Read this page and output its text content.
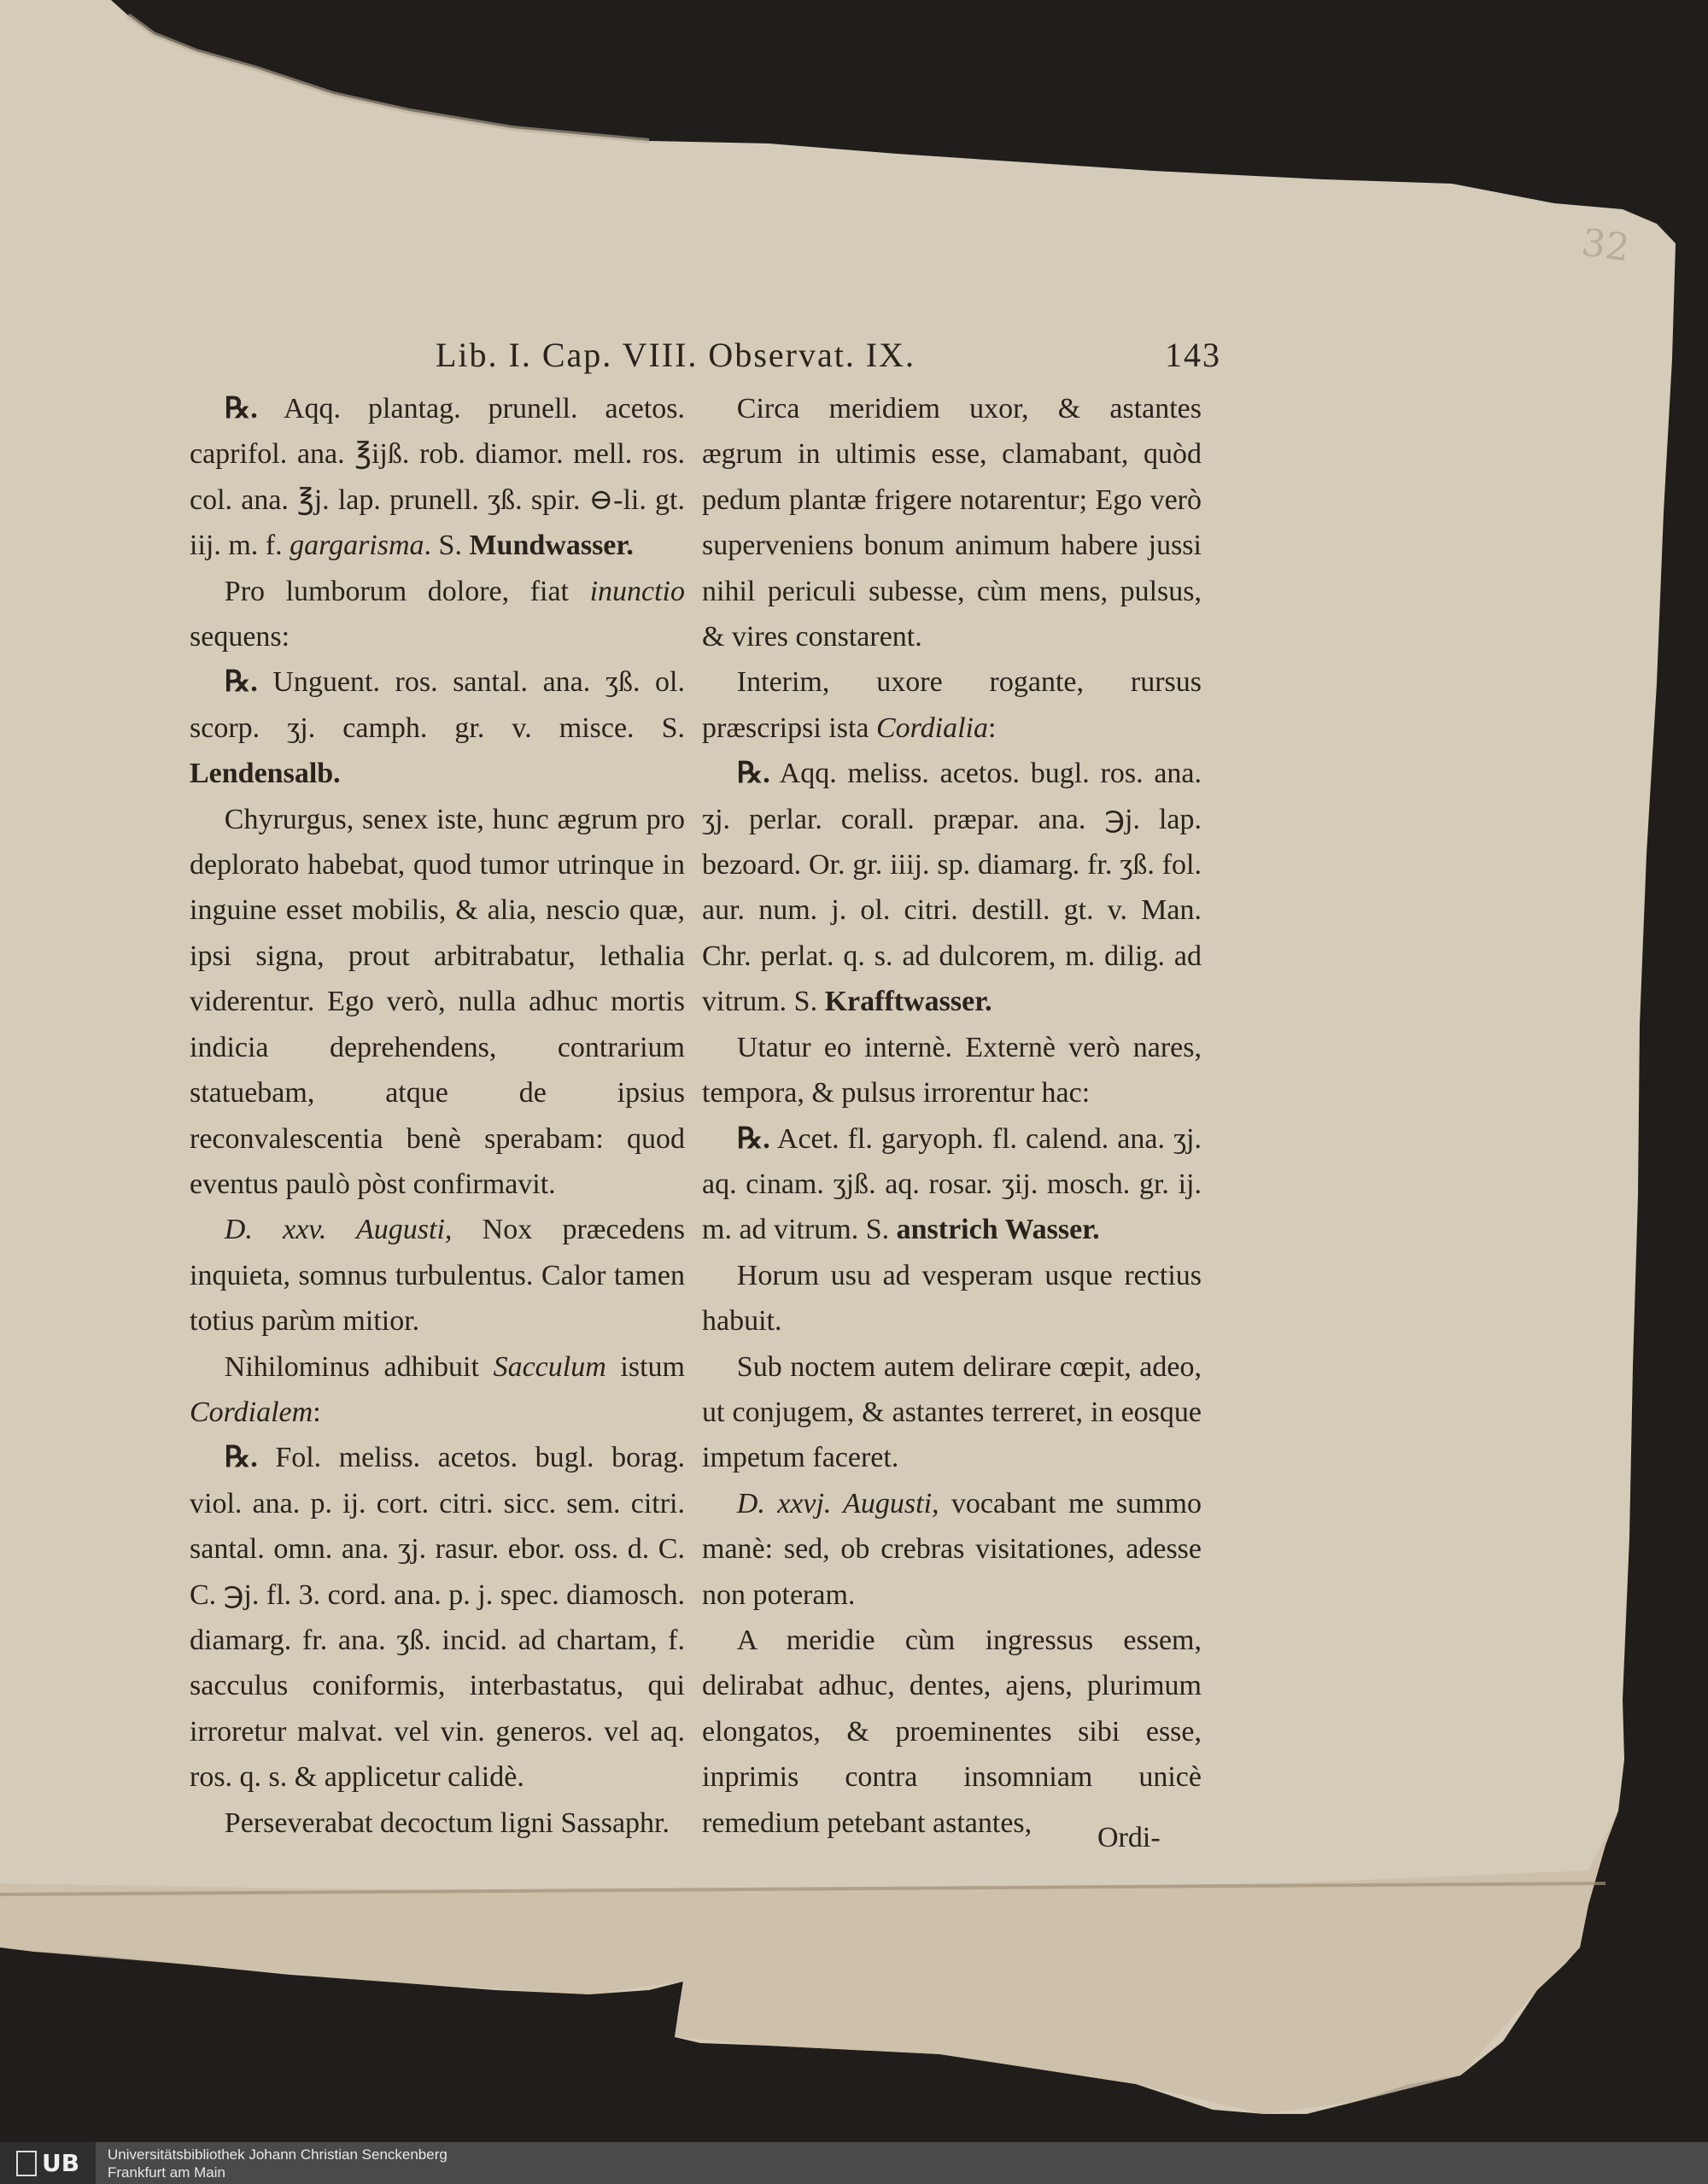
32
Lib. I. Cap. VIII. Observat. IX.	143

℞. Aqq. plantag. prunell. acetos. caprifol. ana. ℥ijß. rob. diamor. mell. ros. col. ana. ℥j. lap. prunell. ʒß. spir. ⊖-li. gt. iij. m. f. gargarisma. S. Mundwasser.

Pro lumborum dolore, fiat inunctio sequens:

℞. Unguent. ros. santal. ana. ʒß. ol. scorp. ʒj. camph. gr. v. misce. S. Lendensalb.

Chyrurgus, senex iste, hunc ægrum pro deplorato habebat, quod tumor utrinque in inguine esset mobilis, & alia, nescio quæ, ipsi signa, prout arbitrabatur, lethalia viderentur. Ego verò, nulla adhuc mortis indicia deprehendens, contrarium statuebam, atque de ipsius reconvalescentia benè sperabam: quod eventus paulò pòst confirmavit.

D. xxv. Augusti, Nox præcedens inquieta, somnus turbulentus. Calor tamen totius parùm mitior.

Nihilominus adhibuit Sacculum istum Cordialem:

℞. Fol. meliss. acetos. bugl. borag. viol. ana. p. ij. cort. citri. sicc. sem. citri. santal. omn. ana. ʒj. rasur. ebor. oss. d. C. C. ℈j. fl. 3. cord. ana. p. j. spec. diamosch. diamarg. fr. ana. ʒß. incid. ad chartam, f. sacculus coniformis, interbastatus, qui irroretur malvat. vel vin. generos. vel aq. ros. q. s. & applicetur calidè.

Perseverabat decoctum ligni Sassaphr.

Circa meridiem uxor, & astantes ægrum in ultimis esse, clamabant, quòd pedum plantæ frigere notarentur; Ego verò superveniens bonum animum habere jussi nihil periculi subesse, cùm mens, pulsus, & vires constarent.

Interim, uxore rogante, rursus præscripsi ista Cordialia:

℞. Aqq. meliss. acetos. bugl. ros. ana. ʒj. perlar. corall. præpar. ana. ℈j. lap. bezoard. Or. gr. iiij. sp. diamarg. fr. ʒß. fol. aur. num. j. ol. citri. destill. gt. v. Man. Chr. perlat. q. s. ad dulcorem, m. dilig. ad vitrum. S. Krafftwasser.

Utatur eo internè. Externè verò nares, tempora, & pulsus irrorentur hac:

℞. Acet. fl. garyoph. fl. calend. ana. ʒj. aq. cinam. ʒjß. aq. rosar. ʒij. mosch. gr. ij. m. ad vitrum. S. anstrich Wasser.

Horum usu ad vesperam usque rectius habuit.

Sub noctem autem delirare cœpit, adeo, ut conjugem, & astantes terreret, in eosque impetum faceret.

D. xxvj. Augusti, vocabant me summo manè: sed, ob crebras visitationes, adesse non poteram.

A meridie cùm ingressus essem, delirabat adhuc, dentes, ajens, plurimum elongatos, & proeminentes sibi esse, inprimis contra insomniam unicè remedium petebant astantes,	Ordi-
UB Universitätsbibliothek Johann Christian Senckenberg
Frankfurt am Main
